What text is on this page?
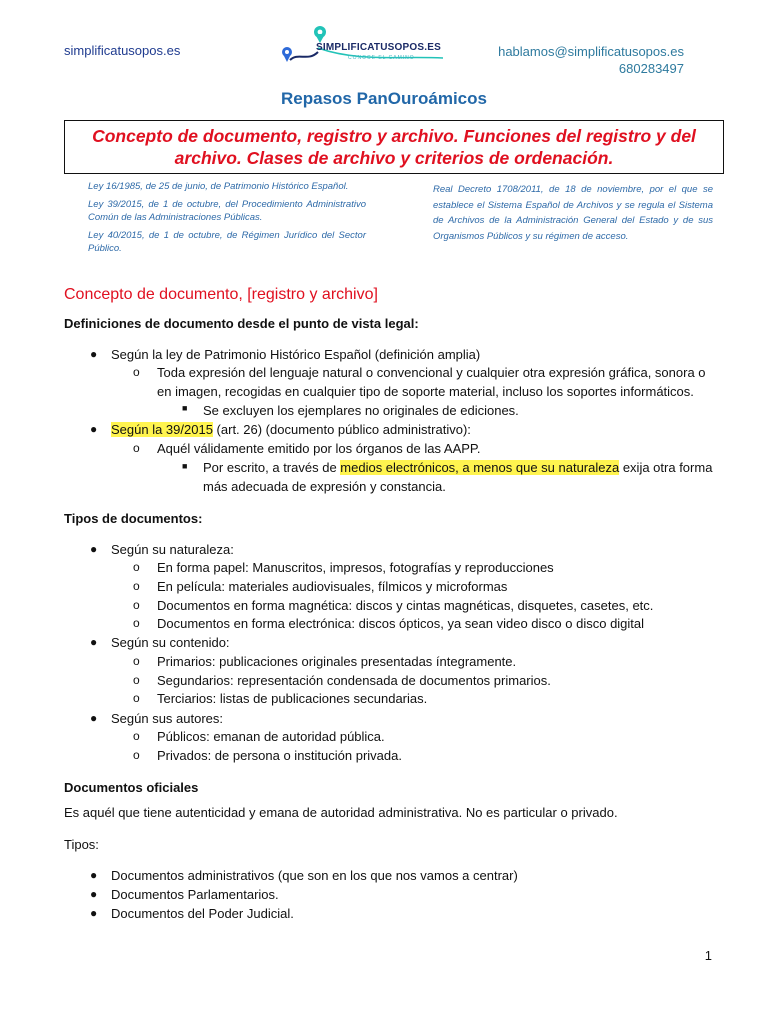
simplificatusopos.es	SIMPLIFICATUSOPOS.ES
CONOCE EL CAMINO	hablamos@simplificatusopos.es
680283497
Repasos PanOuroámicos
Concepto de documento, registro y archivo. Funciones del registro y del
archivo. Clases de archivo y criterios de ordenación.

Ley 16/1985, de 25 de junio, de Patrimonio Histórico Español.

Ley 39/2015, de 1 de octubre, del Procedimiento Administrativo Común de las Administraciones Públicas.

Ley 40/2015, de 1 de octubre, de Régimen Jurídico del Sector Público.

Real Decreto 1708/2011, de 18 de noviembre, por el que se establece el Sistema Español de Archivos y se regula el Sistema de Archivos de la Administración General del Estado y de sus Organismos Públicos y su régimen de acceso.
Concepto de documento, [registro y archivo]
Definiciones de documento desde el punto de vista legal:
● Según la ley de Patrimonio Histórico Español (definición amplia)
o Toda expresión del lenguaje natural o convencional y cualquier otra expresión gráfica, sonora o
en imagen, recogidas en cualquier tipo de soporte material, incluso los soportes informáticos.
■ Se excluyen los ejemplares no originales de ediciones.
● Según la 39/2015 (art. 26) (documento público administrativo):
o Aquél válidamente emitido por los órganos de las AAPP.
■ Por escrito, a través de medios electrónicos, a menos que su naturaleza exija otra forma
más adecuada de expresión y constancia.
Tipos de documentos:
● Según su naturaleza:
o En forma papel: Manuscritos, impresos, fotografías y reproducciones
o En película: materiales audiovisuales, fílmicos y microformas
o Documentos en forma magnética: discos y cintas magnéticas, disquetes, casetes, etc.
o Documentos en forma electrónica: discos ópticos, ya sean video disco o disco digital
● Según su contenido:
o Primarios: publicaciones originales presentadas íntegramente.
o Segundarios: representación condensada de documentos primarios.
o Terciarios: listas de publicaciones secundarias.
● Según sus autores:
o Públicos: emanan de autoridad pública.
o Privados: de persona o institución privada.
Documentos oficiales
Es aquél que tiene autenticidad y emana de autoridad administrativa. No es particular o privado.
Tipos:
● Documentos administrativos (que son en los que nos vamos a centrar)
● Documentos Parlamentarios.
● Documentos del Poder Judicial.
1
